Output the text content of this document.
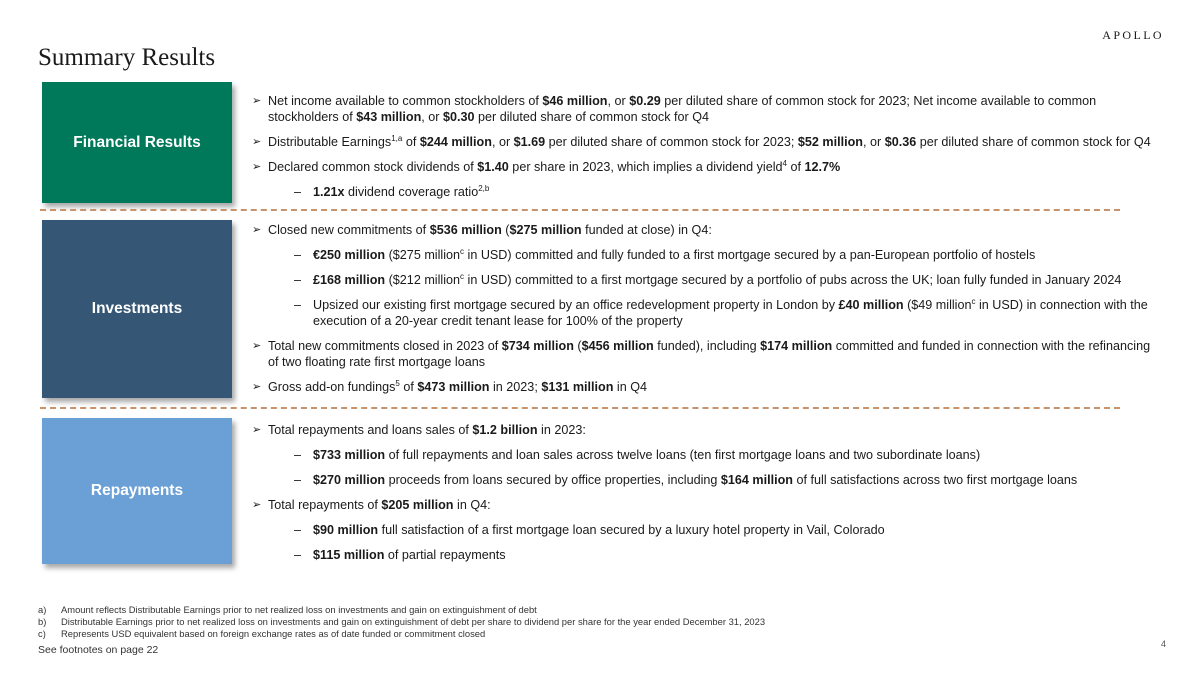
APOLLO
Summary Results
Financial Results
➢ Net income available to common stockholders of $46 million, or $0.29 per diluted share of common stock for 2023; Net income available to common stockholders of $43 million, or $0.30 per diluted share of common stock for Q4
➢ Distributable Earnings$^{1,a}$ of $244 million, or $1.69 per diluted share of common stock for 2023; $52 million, or $0.36 per diluted share of common stock for Q4
➢ Declared common stock dividends of $1.40 per share in 2023, which implies a dividend yield$^4$ of 12.7%
– 1.21x dividend coverage ratio$^{2,b}$
Investments
➢ Closed new commitments of $536 million ($275 million funded at close) in Q4:
– €250 million ($275 million$^c$ in USD) committed and fully funded to a first mortgage secured by a pan-European portfolio of hostels
– £168 million ($212 million$^c$ in USD) committed to a first mortgage secured by a portfolio of pubs across the UK; loan fully funded in January 2024
– Upsized our existing first mortgage secured by an office redevelopment property in London by £40 million ($49 million$^c$ in USD) in connection with the execution of a 20-year credit tenant lease for 100% of the property
➢ Total new commitments closed in 2023 of $734 million ($456 million funded), including $174 million committed and funded in connection with the refinancing of two floating rate first mortgage loans
➢ Gross add-on fundings$^5$ of $473 million in 2023; $131 million in Q4
Repayments
➢ Total repayments and loans sales of $1.2 billion in 2023:
– $733 million of full repayments and loan sales across twelve loans (ten first mortgage loans and two subordinate loans)
– $270 million proceeds from loans secured by office properties, including $164 million of full satisfactions across two first mortgage loans
➢ Total repayments of $205 million in Q4:
– $90 million full satisfaction of a first mortgage loan secured by a luxury hotel property in Vail, Colorado
– $115 million of partial repayments
a) Amount reflects Distributable Earnings prior to net realized loss on investments and gain on extinguishment of debt
b) Distributable Earnings prior to net realized loss on investments and gain on extinguishment of debt per share to dividend per share for the year ended December 31, 2023
c) Represents USD equivalent based on foreign exchange rates as of date funded or commitment closed
See footnotes on page 22	4
